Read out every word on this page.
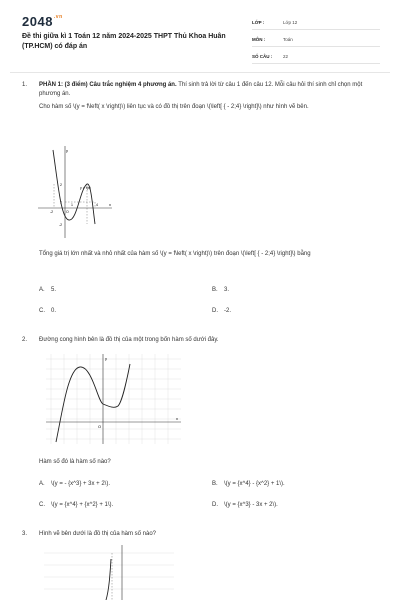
$2048^{.vn}$
Đề thi giữa kì 1 Toán 12 năm 2024-2025 THPT Thủ Khoa Huân (TP.HCM) có đáp án
LỚP :	Lớp 12
MÔN :	Toán
SỐ CÂU :	22
1. PHẦN 1: (3 điểm) Câu trắc nghiệm 4 phương án. Thí sinh trả lời từ câu 1 đến câu 12. Mỗi câu hỏi thí sinh chỉ chọn một phương án.

Cho hàm số \(y = f\left( x \right)\) liên tục và có đồ thị trên đoạn \(\left[ { - 2;4} \right]\) như hình vẽ bên.

y
x
y = f(x)
O
-2
1	4
2
7
-2

Tổng giá trị lớn nhất và nhỏ nhất của hàm số \(y = f\left( x \right)\) trên đoạn \(\left[ { - 2;4} \right]\) bằng

A. 5.	B. 3.
C. 0.	D. -2.
2. Đường cong hình bên là đồ thị của một trong bốn hàm số dưới đây.

y
x
O

Hàm số đó là hàm số nào?

A. \(y = - {x^3} + 3x + 2\).	B. \(y = {x^4} - {x^2} + 1\).
C. \(y = {x^4} + {x^2} + 1\).	D. \(y = {x^3} - 3x + 2\).
3. Hình vẽ bên dưới là đồ thị của hàm số nào?
